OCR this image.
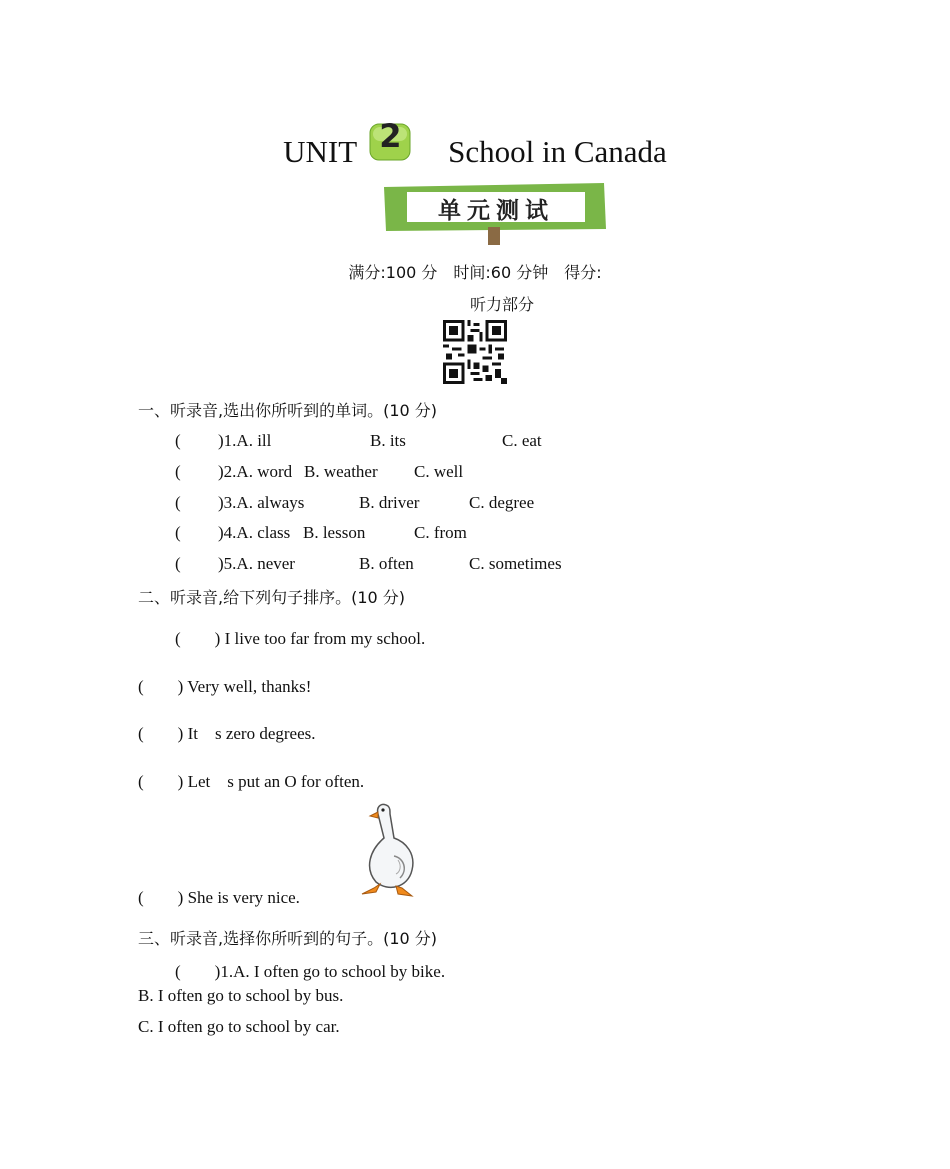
UNIT 2	School in Canada
单元测试
满分:100 分　时间:60 分钟　得分:
听力部分
一、听录音,选出你所听到的单词。(10 分)
( )1.A. ill	B. its	C. eat
( )2.A. word B. weather C. well
( )3.A. always	B. driver	C. degree
( )4.A. class B. lesson	C. from
( )5.A. never	B. often	C. sometimes
二、听录音,给下列句子排序。(10 分)
(　　) I live too far from my school.
(　　) Very well, thanks!
(　　) It　s zero degrees.
(　　) Let　s put an O for often.
(　　) She is very nice.
三、听录音,选择你所听到的句子。(10 分)
(　　)1.A. I often go to school by bike.
B. I often go to school by bus.
C. I often go to school by car.
